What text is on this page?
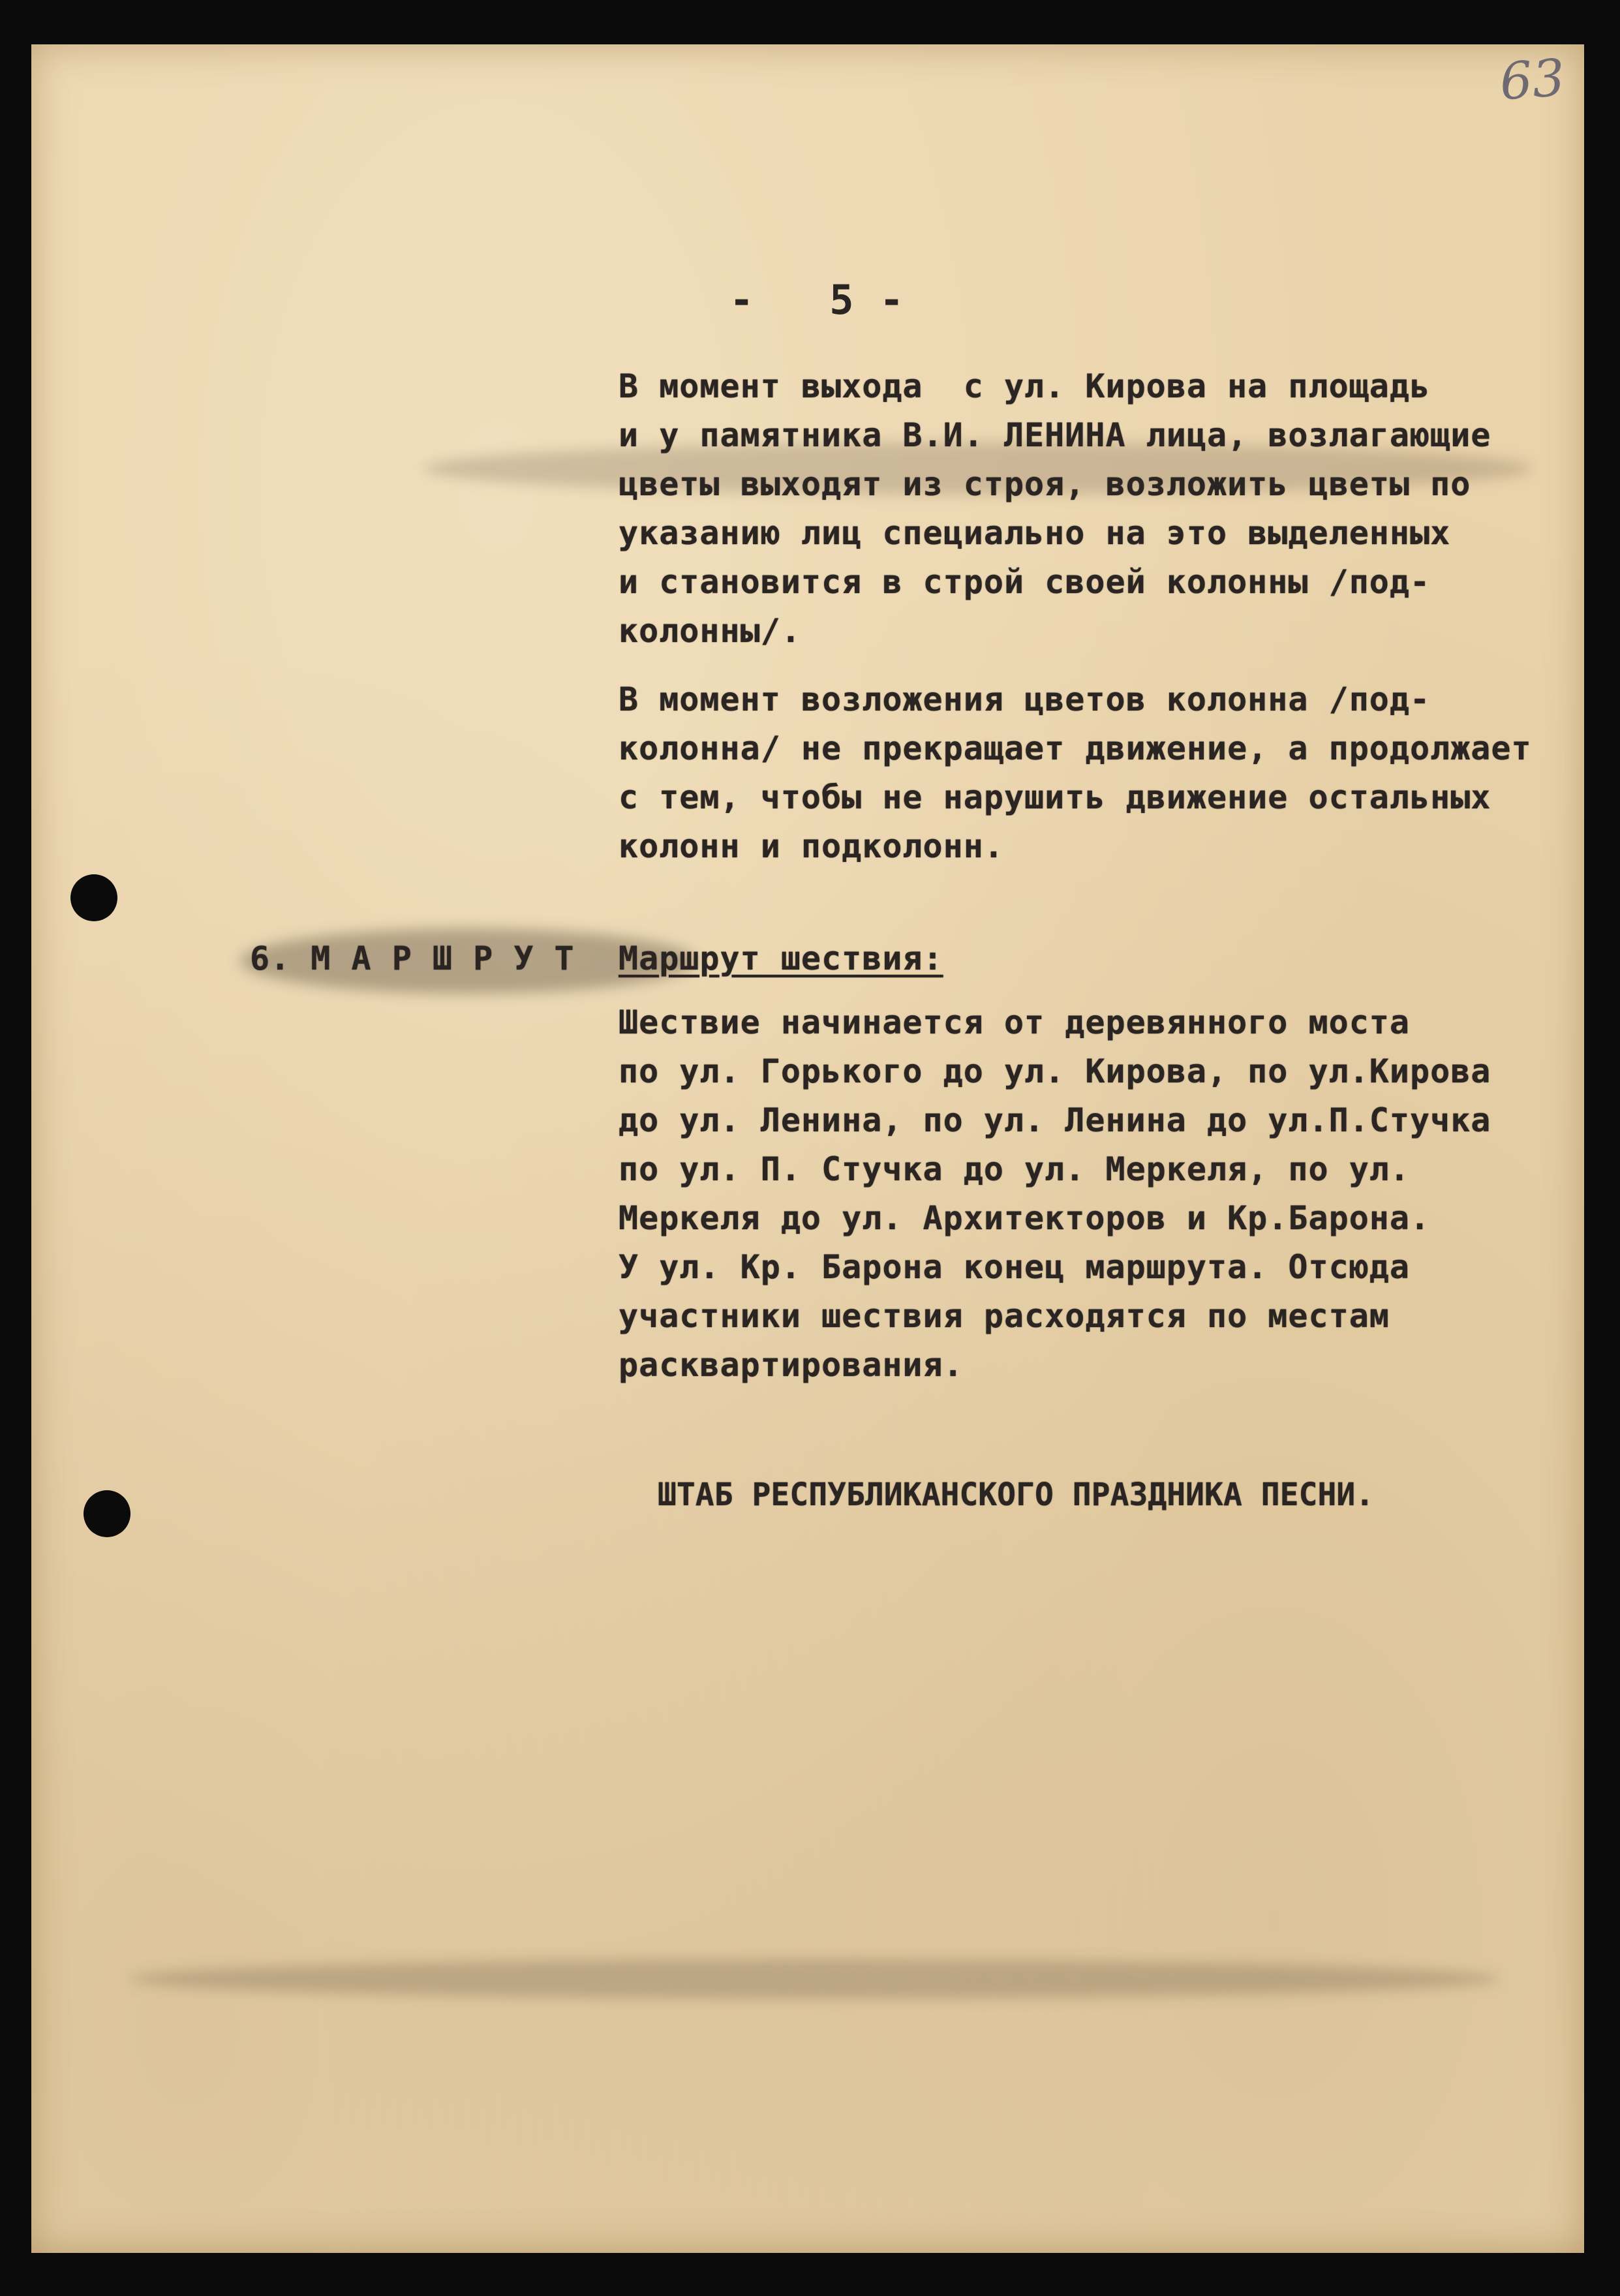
63
-   5 -
В момент выхода  с ул. Кирова на площадь
и у памятника В.И. ЛЕНИНА лица, возлагающие
цветы выходят из строя, возложить цветы по
указанию лиц специально на это выделенных
и становится в строй своей колонны /под-
колонны/.
В момент возложения цветов колонна /под-
колонна/ не прекращает движение, а продолжает
с тем, чтобы не нарушить движение остальных
колонн и подколонн.
6. М А Р Ш Р У Т Маршрут шествия:
Шествие начинается от деревянного моста
по ул. Горького до ул. Кирова, по ул.Кирова
до ул. Ленина, по ул. Ленина до ул.П.Стучка
по ул. П. Стучка до ул. Меркеля, по ул.
Меркеля до ул. Архитекторов и Кр.Барона.
У ул. Кр. Барона конец маршрута. Отсюда
участники шествия расходятся по местам
расквартирования.
ШТАБ РЕСПУБЛИКАНСКОГО ПРАЗДНИКА ПЕСНИ.
